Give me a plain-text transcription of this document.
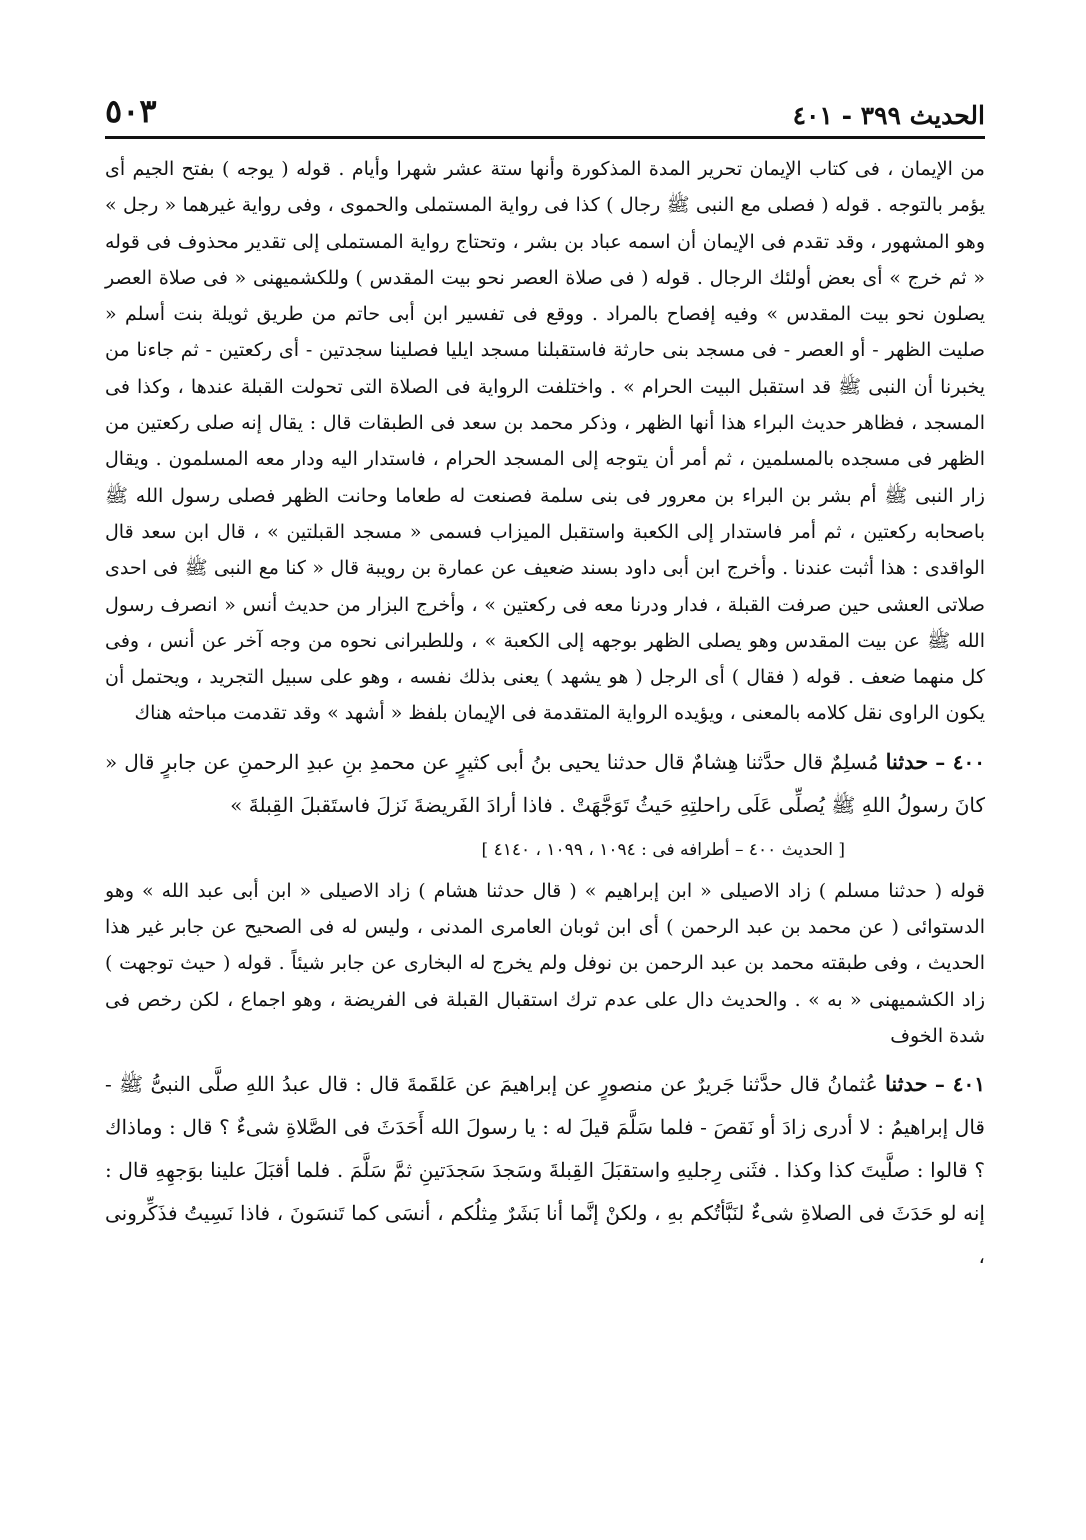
الحديث ٣٩٩ - ٤٠١
٥٠٣

من الإيمان ، فى كتاب الإيمان تحرير المدة المذكورة وأنها ستة عشر شهرا وأيام . قوله ( يوجه ) بفتح الجيم أى يؤمر بالتوجه . قوله ( فصلى مع النبى ﷺ رجال ) كذا فى رواية المستملى والحموى ، وفى رواية غيرهما « رجل » وهو المشهور ، وقد تقدم فى الإيمان أن اسمه عباد بن بشر ، وتحتاج رواية المستملى إلى تقدير محذوف فى قوله « ثم خرج » أى بعض أولئك الرجال . قوله ( فى صلاة العصر نحو بيت المقدس ) وللكشميهنى « فى صلاة العصر يصلون نحو بيت المقدس » وفيه إفصاح بالمراد . ووقع فى تفسير ابن أبى حاتم من طريق ثويلة بنت أسلم « صليت الظهر - أو العصر - فى مسجد بنى حارثة فاستقبلنا مسجد ايليا فصلينا سجدتين - أى ركعتين - ثم جاءنا من يخبرنا أن النبى ﷺ قد استقبل البيت الحرام » . واختلفت الرواية فى الصلاة التى تحولت القبلة عندها ، وكذا فى المسجد ، فظاهر حديث البراء هذا أنها الظهر ، وذكر محمد بن سعد فى الطبقات قال : يقال إنه صلى ركعتين من الظهر فى مسجده بالمسلمين ، ثم أمر أن يتوجه إلى المسجد الحرام ، فاستدار اليه ودار معه المسلمون . ويقال زار النبى ﷺ أم بشر بن البراء بن معرور فى بنى سلمة فصنعت له طعاما وحانت الظهر فصلى رسول الله ﷺ باصحابه ركعتين ، ثم أمر فاستدار إلى الكعبة واستقبل الميزاب فسمى « مسجد القبلتين » ، قال ابن سعد قال الواقدى : هذا أثبت عندنا . وأخرج ابن أبى داود بسند ضعيف عن عمارة بن رويبة قال « كنا مع النبى ﷺ فى احدى صلاتى العشى حين صرفت القبلة ، فدار ودرنا معه فى ركعتين » ، وأخرج البزار من حديث أنس « انصرف رسول الله ﷺ عن بيت المقدس وهو يصلى الظهر بوجهه إلى الكعبة » ، وللطبرانى نحوه من وجه آخر عن أنس ، وفى كل منهما ضعف . قوله ( فقال ) أى الرجل ( هو يشهد ) يعنى بذلك نفسه ، وهو على سبيل التجريد ، ويحتمل أن يكون الراوى نقل كلامه بالمعنى ، ويؤيده الرواية المتقدمة فى الإيمان بلفظ « أشهد » وقد تقدمت مباحثه هناك

٤٠٠ – حدثنا مُسلِمٌ قال حدَّثنا هِشامٌ قال حدثنا يحيى بنُ أبى كثيرٍ عن محمدِ بنِ عبدِ الرحمنِ عن جابرٍ قال « كانَ رسولُ اللهِ ﷺ يُصلِّى عَلَى راحلتِهِ حَيثُ تَوَجَّهَتْ . فاذا أرادَ الفَريضةَ نَزلَ فاستَقبلَ القِبلةَ »

[ الحديث ٤٠٠ – أطرافه فى : ١٠٩٤ ، ١٠٩٩ ، ٤١٤٠ ]

قوله ( حدثنا مسلم ) زاد الاصيلى « ابن إبراهيم » ( قال حدثنا هشام ) زاد الاصيلى « ابن أبى عبد الله » وهو الدستوائى ( عن محمد بن عبد الرحمن ) أى ابن ثوبان العامرى المدنى ، وليس له فى الصحيح عن جابر غير هذا الحديث ، وفى طبقته محمد بن عبد الرحمن بن نوفل ولم يخرج له البخارى عن جابر شيئاً . قوله ( حيث توجهت ) زاد الكشميهنى « به » . والحديث دال على عدم ترك استقبال القبلة فى الفريضة ، وهو اجماع ، لكن رخص فى شدة الخوف

٤٠١ – حدثنا عُثمانُ قال حدَّثنا جَريرٌ عن منصورٍ عن إبراهيمَ عن عَلقَمةَ قال : قال عبدُ اللهِ صلَّى النبىُّ ﷺ - قال إبراهيمُ : لا أدرى زادَ أو نَقصَ - فلما سَلَّمَ قيلَ له : يا رسولَ الله أَحَدَثَ فى الصَّلاةِ شىءٌ ؟ قال : وماذاك ؟ قالوا : صلَّيتَ كذا وكذا . فثَنى رِجليهِ واستقبَلَ القِبلةَ وسَجدَ سَجدَتينِ ثمَّ سَلَّمَ . فلما أقبَلَ علينا بوَجهِهِ قال : إنه لو حَدَثَ فى الصلاةِ شىءٌ لنَبَّأتُكم بهِ ، ولكنْ إنَّما أنا بَشَرٌ مِثلُكم ، أنسَى كما تَنسَونَ ، فاذا نَسِيتُ فذَكِّرونى ،
